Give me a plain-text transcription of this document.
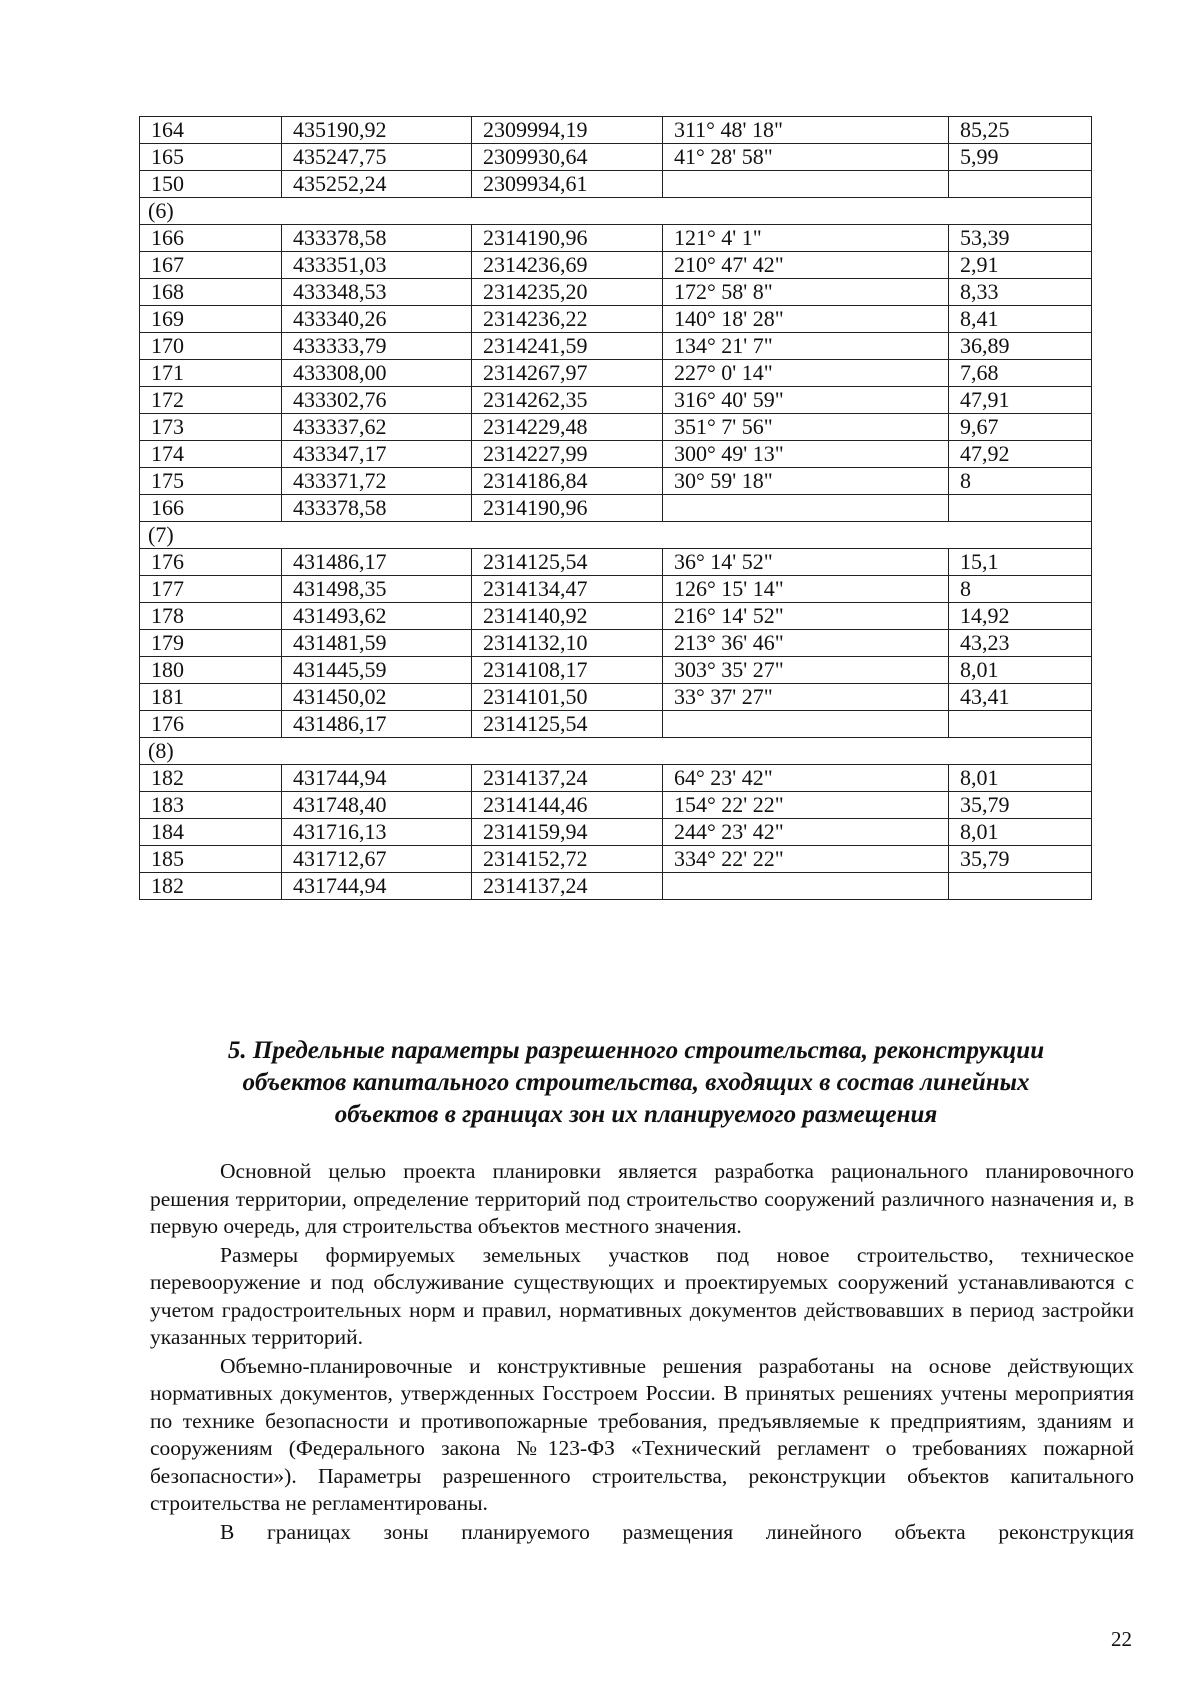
164	435190,92	2309994,19	311° 48' 18"	85,25
165	435247,75	2309930,64	41° 28' 58"	5,99
150	435252,24	2309934,61		
(6)				
166	433378,58	2314190,96	121° 4' 1"	53,39
167	433351,03	2314236,69	210° 47' 42"	2,91
168	433348,53	2314235,20	172° 58' 8"	8,33
169	433340,26	2314236,22	140° 18' 28"	8,41
170	433333,79	2314241,59	134° 21' 7"	36,89
171	433308,00	2314267,97	227° 0' 14"	7,68
172	433302,76	2314262,35	316° 40' 59"	47,91
173	433337,62	2314229,48	351° 7' 56"	9,67
174	433347,17	2314227,99	300° 49' 13"	47,92
175	433371,72	2314186,84	30° 59' 18"	8
166	433378,58	2314190,96		
(7)				
176	431486,17	2314125,54	36° 14' 52"	15,1
177	431498,35	2314134,47	126° 15' 14"	8
178	431493,62	2314140,92	216° 14' 52"	14,92
179	431481,59	2314132,10	213° 36' 46"	43,23
180	431445,59	2314108,17	303° 35' 27"	8,01
181	431450,02	2314101,50	33° 37' 27"	43,41
176	431486,17	2314125,54		
(8)				
182	431744,94	2314137,24	64° 23' 42"	8,01
183	431748,40	2314144,46	154° 22' 22"	35,79
184	431716,13	2314159,94	244° 23' 42"	8,01
185	431712,67	2314152,72	334° 22' 22"	35,79
182	431744,94	2314137,24		
5. Предельные параметры разрешенного строительства, реконструкции
объектов капитального строительства, входящих в состав линейных
объектов в границах зон их планируемого размещения

Основной целью проекта планировки является разработка рационального планировочного решения территории, определение территорий под строительство сооружений различного назначения и, в первую очередь, для строительства объектов местного значения.

Размеры формируемых земельных участков под новое строительство, техническое перевооружение и под обслуживание существующих и проектируемых сооружений устанавливаются с учетом градостроительных норм и правил, нормативных документов действовавших в период застройки указанных территорий.

Объемно-планировочные и конструктивные решения разработаны на основе действующих нормативных документов, утвержденных Госстроем России. В принятых решениях учтены мероприятия по технике безопасности и противопожарные требования, предъявляемые к предприятиям, зданиям и сооружениям (Федерального закона №123-ФЗ «Технический регламент о требованиях пожарной безопасности»). Параметры разрешенного строительства, реконструкции объектов капитального строительства не регламентированы.

В границах зоны планируемого размещения линейного объекта реконструкция

22
